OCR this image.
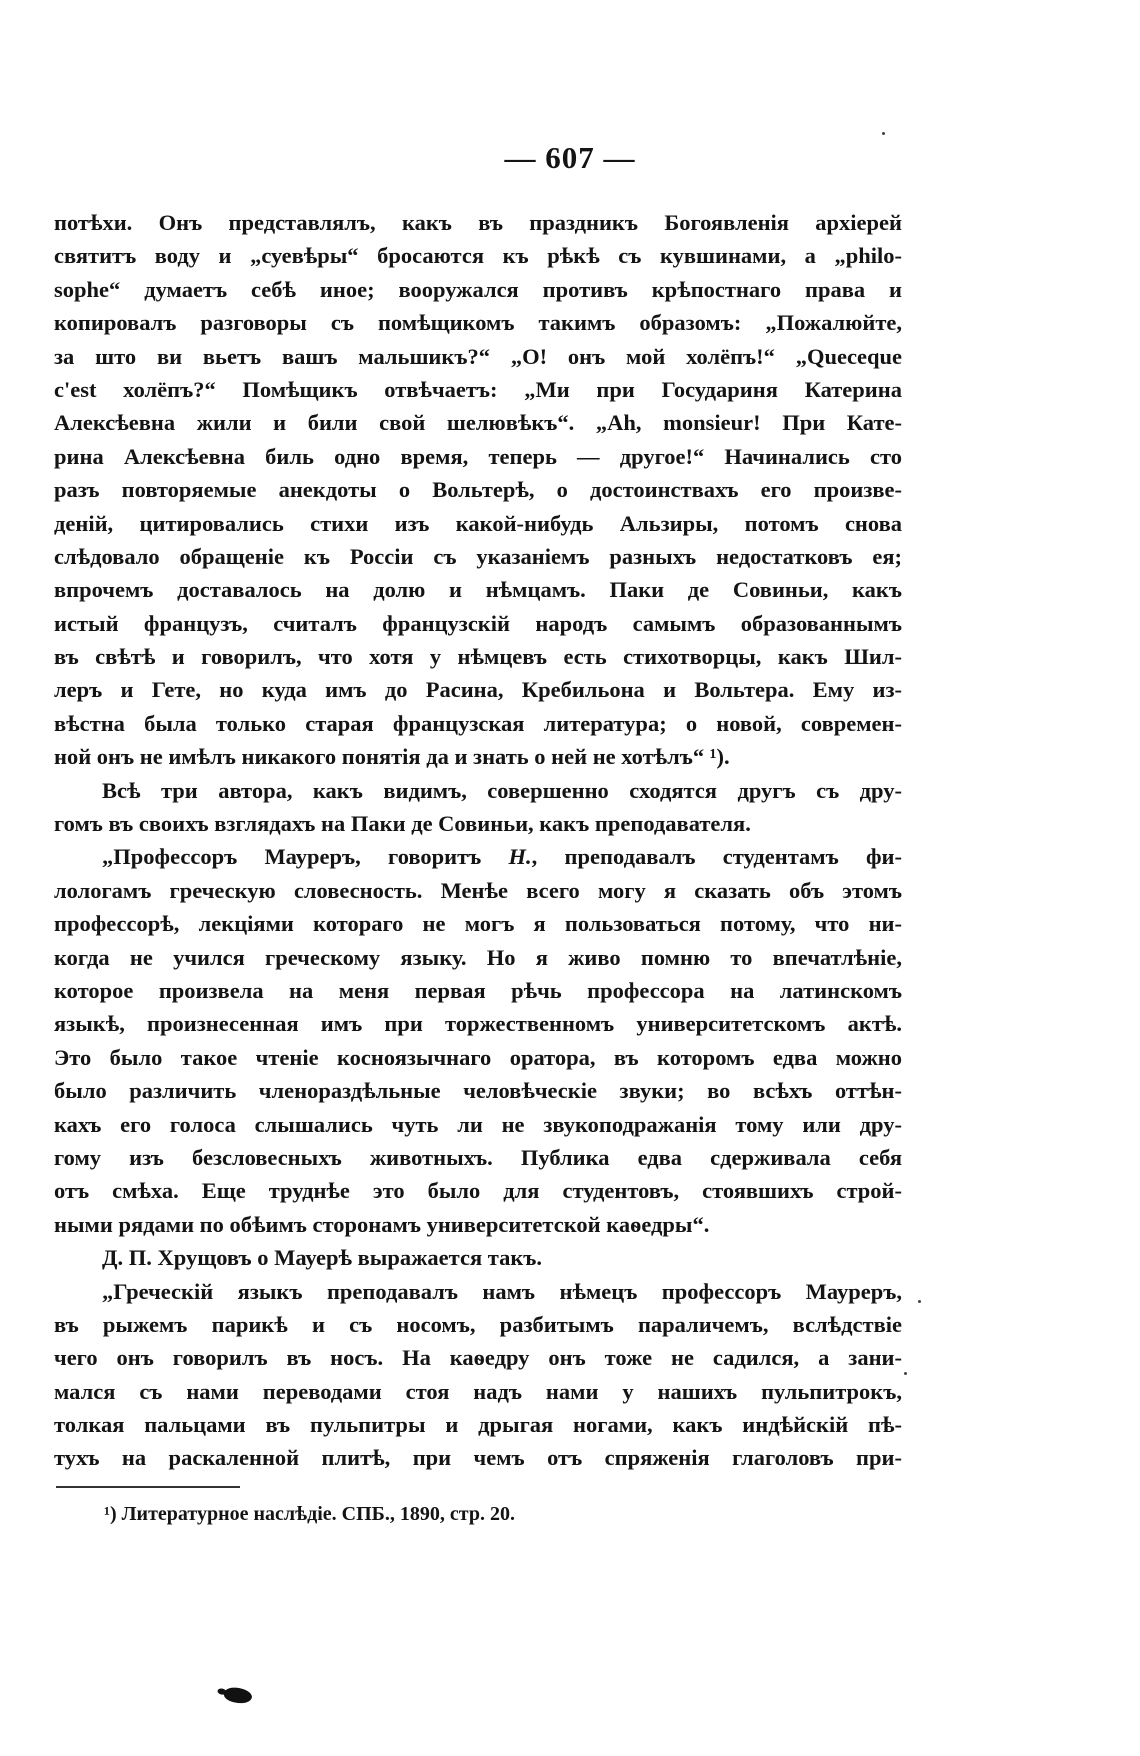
— 607 —
потѣхи. Онъ представлялъ, какъ въ праздникъ Богоявленія архіерей
святитъ воду и „суевѣры“ бросаются къ рѣкѣ съ кувшинами, а „philo-
sophe“ думаетъ себѣ иное; вооружался противъ крѣпостнаго права и
копировалъ разговоры съ помѣщикомъ такимъ образомъ: „Пожалюйте,
за што ви вьетъ вашъ мальшикъ?“ „О! онъ мой холёпъ!“ „Queceque
c'est холёпъ?“ Помѣщикъ отвѣчаетъ: „Ми при Государиня Катерина
Алексѣевна жили и били свой шелювѣкъ“. „Ah, monsieur! При Кате-
рина Алексѣевна биль одно время, теперь — другое!“ Начинались сто
разъ повторяемые анекдоты о Вольтерѣ, о достоинствахъ его произве-
деній, цитировались стихи изъ какой-нибудь Альзиры, потомъ снова
слѣдовало обращеніе къ Россіи съ указаніемъ разныхъ недостатковъ ея;
впрочемъ доставалось на долю и нѣмцамъ. Паки де Совиньи, какъ
истый французъ, считалъ французскій народъ самымъ образованнымъ
въ свѣтѣ и говорилъ, что хотя у нѣмцевъ есть стихотворцы, какъ Шил-
леръ и Гете, но куда имъ до Расина, Кребильона и Вольтера. Ему из-
вѣстна была только старая французская литература; о новой, современ-
ной онъ не имѣлъ никакого понятія да и знать о ней не хотѣлъ“ ¹).
Всѣ три автора, какъ видимъ, совершенно сходятся другъ съ дру-
гомъ въ своихъ взглядахъ на Паки де Совиньи, какъ преподавателя.
„Профессоръ Мауреръ, говоритъ Н., преподавалъ студентамъ фи-
лологамъ греческую словесность. Менѣе всего могу я сказать объ этомъ
профессорѣ, лекціями котораго не могъ я пользоваться потому, что ни-
когда не учился греческому языку. Но я живо помню то впечатлѣніе,
которое произвела на меня первая рѣчь профессора на латинскомъ
языкѣ, произнесенная имъ при торжественномъ университетскомъ актѣ.
Это было такое чтеніе косноязычнаго оратора, въ которомъ едва можно
было различить членораздѣльные человѣческіе звуки; во всѣхъ оттѣн-
кахъ его голоса слышались чуть ли не звукоподражанія тому или дру-
гому изъ безсловесныхъ животныхъ. Публика едва сдерживала себя
отъ смѣха. Еще труднѣе это было для студентовъ, стоявшихъ строй-
ными рядами по обѣимъ сторонамъ университетской каѳедры“.
Д. П. Хрущовъ о Мауерѣ выражается такъ.
„Греческій языкъ преподавалъ намъ нѣмецъ профессоръ Мауреръ,
въ рыжемъ парикѣ и съ носомъ, разбитымъ параличемъ, вслѣдствіе
чего онъ говорилъ въ носъ. На каѳедру онъ тоже не садился, а зани-
мался съ нами переводами стоя надъ нами у нашихъ пульпитрокъ,
толкая пальцами въ пульпитры и дрыгая ногами, какъ индѣйскій пѣ-
тухъ на раскаленной плитѣ, при чемъ отъ спряженія глаголовъ при-
¹) Литературное наслѣдіе. СПБ., 1890, стр. 20.
